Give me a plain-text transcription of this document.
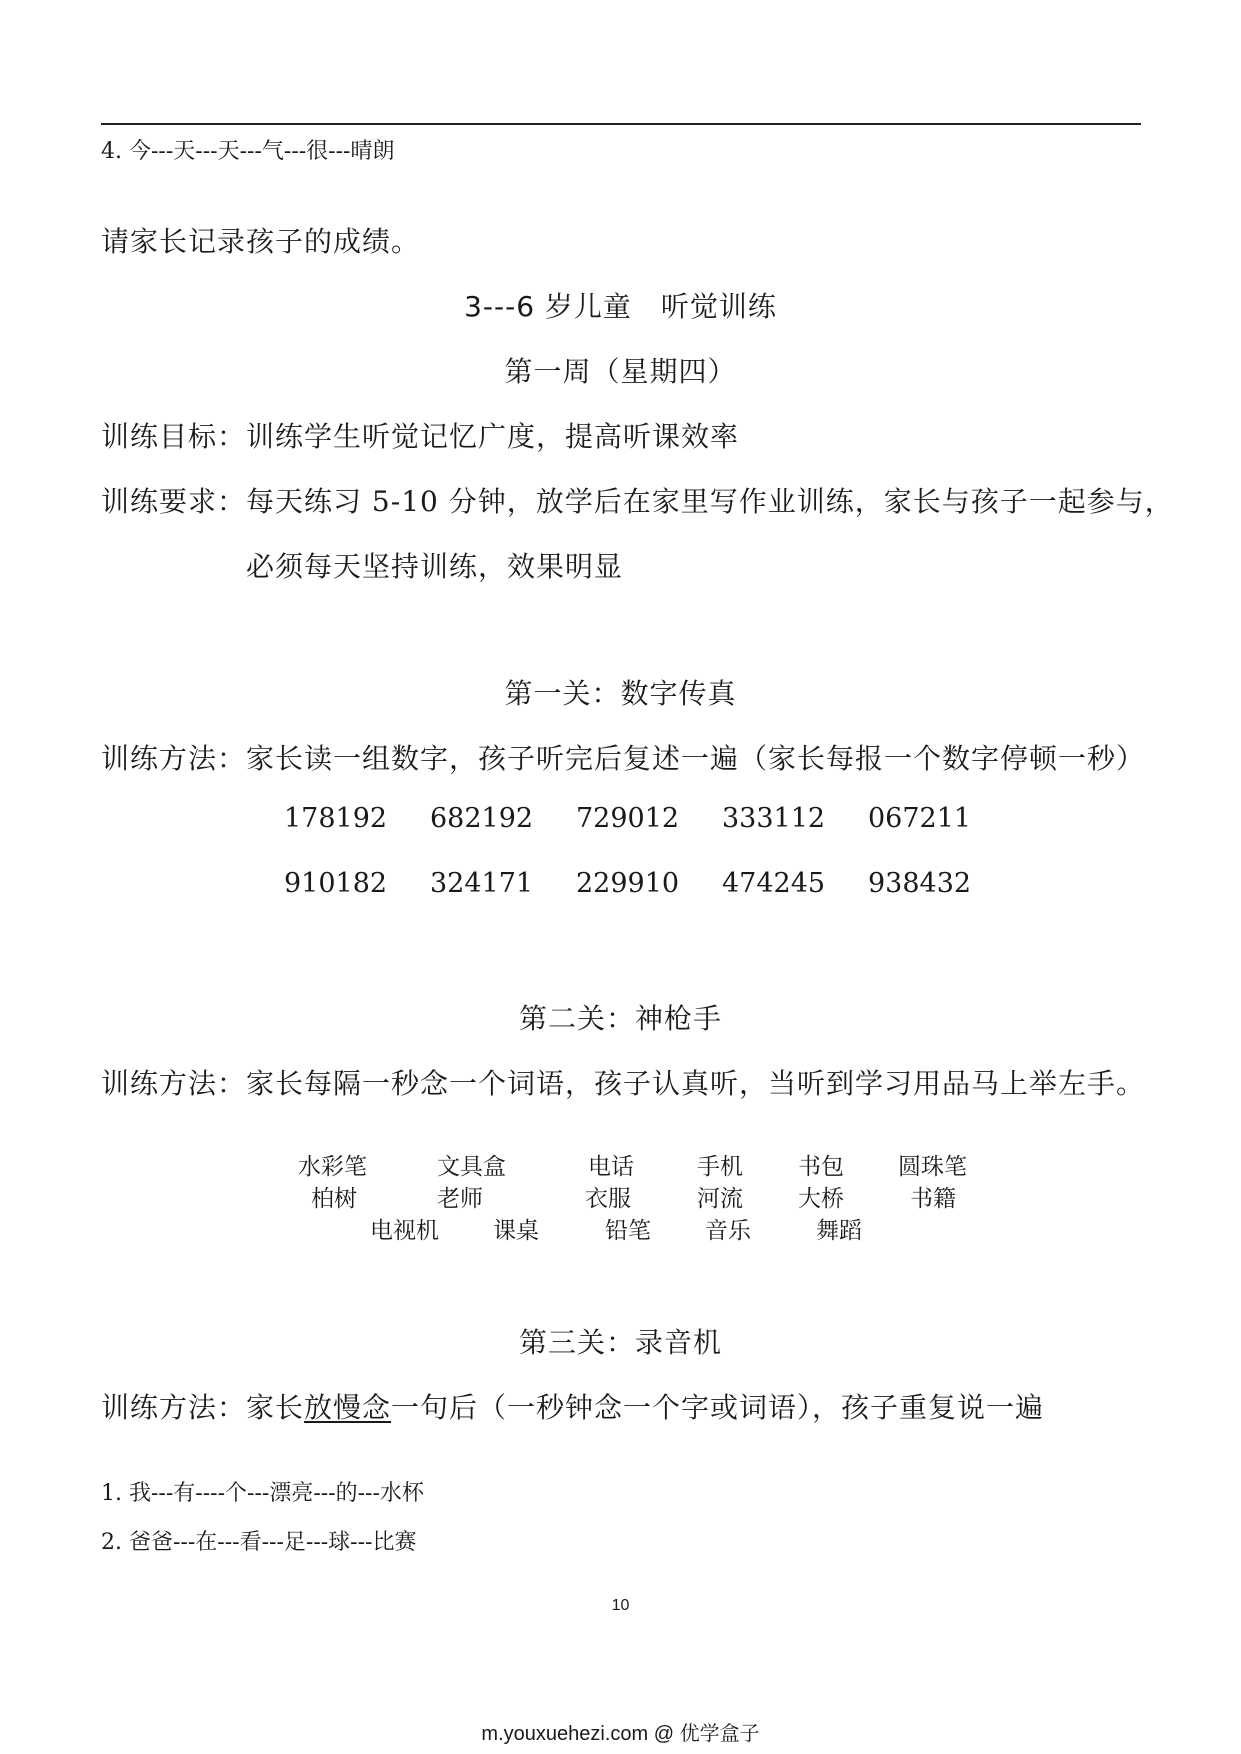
4. 今---天---天---气---很---晴朗
请家长记录孩子的成绩。
3---6 岁儿童　听觉训练
第一周（星期四）
训练目标：训练学生听觉记忆广度，提高听课效率
训练要求：每天练习 5-10 分钟，放学后在家里写作业训练，家长与孩子一起参与，
必须每天坚持训练，效果明显
第一关：数字传真
训练方法：家长读一组数字，孩子听完后复述一遍（家长每报一个数字停顿一秒）
178192 682192 729012 333112 067211
910182 324171 229910 474245 938432
第二关：神枪手
训练方法：家长每隔一秒念一个词语，孩子认真听，当听到学习用品马上举左手。
水彩笔	文具盒	电话	手机 书包 圆珠笔
柏树	老师	衣服	河流 大桥	书籍
电视机 课桌	铅笔 音乐	舞蹈
第三关：录音机
训练方法：家长放慢念一句后（一秒钟念一个字或词语），孩子重复说一遍
1. 我---有----个---漂亮---的---水杯
2. 爸爸---在---看---足---球---比赛
10
m.youxuehezi.com @ 优学盒子
